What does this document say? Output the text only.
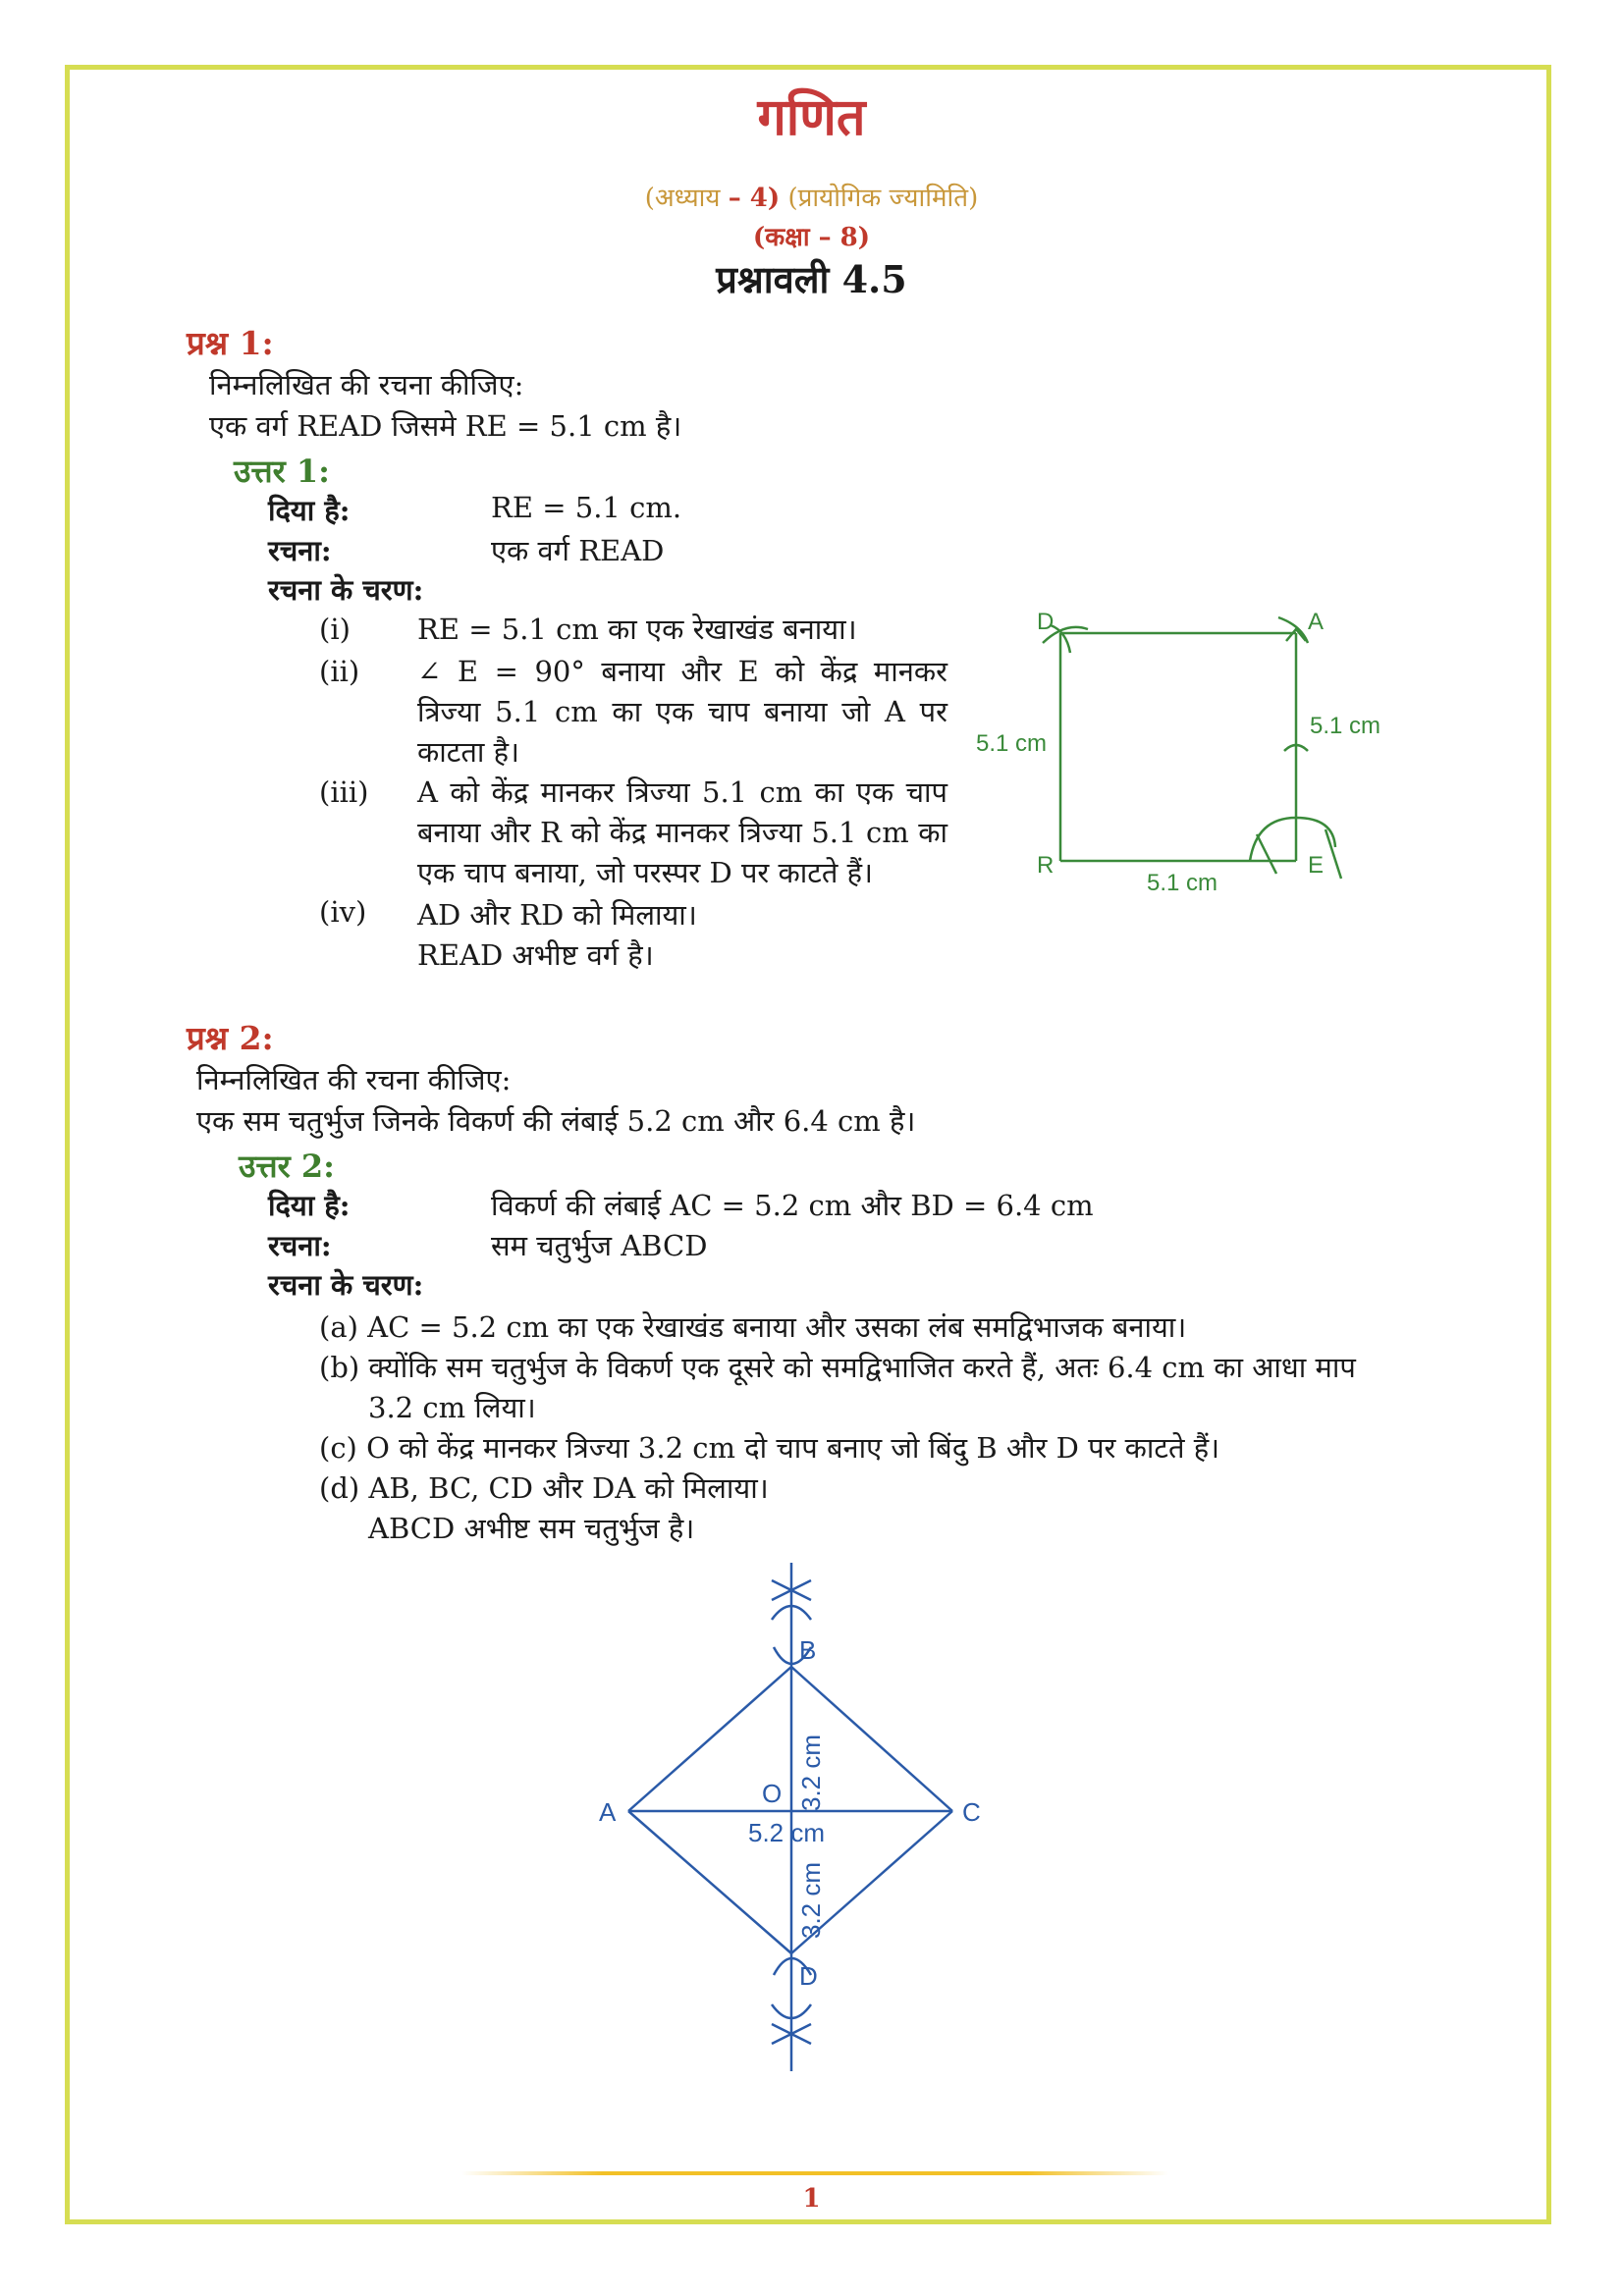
गणित
(अध्याय – 4) (प्रायोगिक ज्यामिति)
(कक्षा – 8)
प्रश्नावली 4.5
प्रश्न 1:
निम्नलिखित की रचना कीजिए:
एक वर्ग READ जिसमे RE = 5.1 cm है।
उत्तर 1:
दिया है:	RE = 5.1 cm.
रचना:	एक वर्ग READ
रचना के चरण:
(i) RE = 5.1 cm का एक रेखाखंड बनाया।
(ii) ∠ E = 90° बनाया और E को केंद्र मानकर त्रिज्या 5.1 cm का एक चाप बनाया जो A पर काटता है।
(iii) A को केंद्र मानकर त्रिज्या 5.1 cm का एक चाप बनाया और R को केंद्र मानकर त्रिज्या 5.1 cm का एक चाप बनाया, जो परस्पर D पर काटते हैं।
(iv) AD और RD को मिलाया।
READ अभीष्ट वर्ग है।
D	A
R	E
5.1 cm
5.1 cm
5.1 cm
प्रश्न 2:
निम्नलिखित की रचना कीजिए:
एक सम चतुर्भुज जिनके विकर्ण की लंबाई 5.2 cm और 6.4 cm है।
उत्तर 2:
दिया है:	विकर्ण की लंबाई AC = 5.2 cm और BD = 6.4 cm
रचना:	सम चतुर्भुज ABCD
रचना के चरण:
(a) AC = 5.2 cm का एक रेखाखंड बनाया और उसका लंब समद्विभाजक बनाया।
(b) क्योंकि सम चतुर्भुज के विकर्ण एक दूसरे को समद्विभाजित करते हैं, अतः 6.4 cm का आधा माप
3.2 cm लिया।
(c) O को केंद्र मानकर त्रिज्या 3.2 cm दो चाप बनाए जो बिंदु B और D पर काटते हैं।
(d) AB, BC, CD और DA को मिलाया।
ABCD अभीष्ट सम चतुर्भुज है।
B
A	C
D
O
5.2 cm
3.2 cm
3.2 cm
1
